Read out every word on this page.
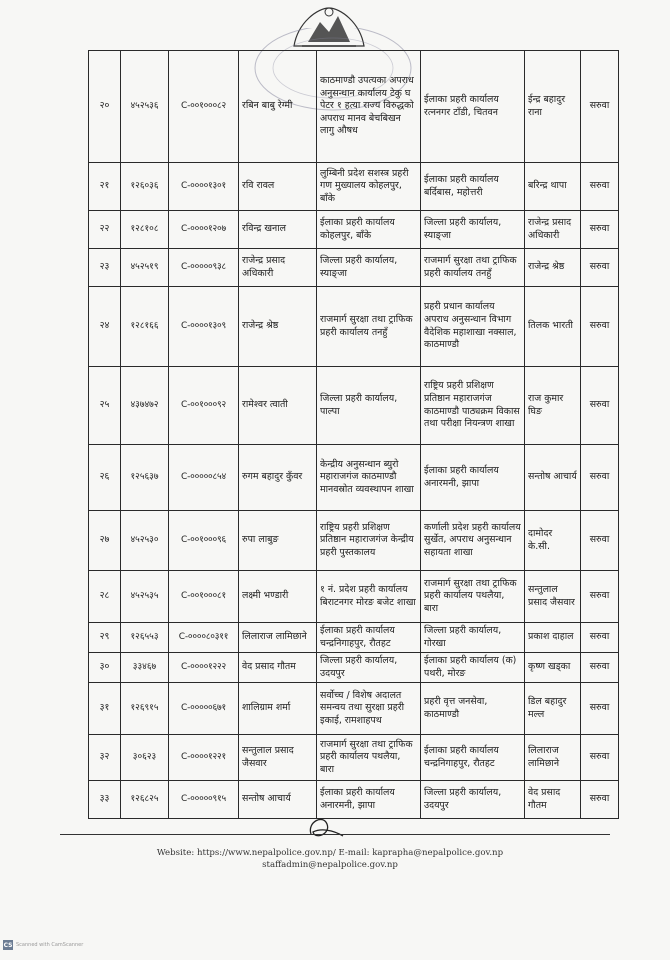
२०	४५२५३६	C-००१०००८२	रबिन बाबु रेग्मी	काठमाण्डौ उपत्यका अपराध अनुसन्धान कार्यालय टेकु घ पेटर १ हत्या राज्य विरुद्धको अपराध मानव बेचबिखन लागु औषध	ईलाका प्रहरी कार्यालय रत्ननगर टाँडी, चितवन	ईन्द्र बहादुर राना	सरुवा
२१	१२६०३६	C-००००१३०१	रवि रावल	लुम्बिनी प्रदेश सशस्त्र प्रहरी गण मुख्यालय कोहलपुर, बाँके	ईलाका प्रहरी कार्यालय बर्दिबास, महोत्तरी	बरिन्द्र थापा	सरुवा
२२	१२८१०८	C-००००१२०७	रविन्द्र खनाल	ईलाका प्रहरी कार्यालय कोहलपुर, बाँके	जिल्ला प्रहरी कार्यालय, स्याङ्जा	राजेन्द्र प्रसाद अधिकारी	सरुवा
२३	४५२५१९	C-०००००९३८	राजेन्द्र प्रसाद अधिकारी	जिल्ला प्रहरी कार्यालय, स्याङ्जा	राजमार्ग सुरक्षा तथा ट्राफिक प्रहरी कार्यालय तनहुँ	राजेन्द्र श्रेष्ठ	सरुवा
२४	१२८१६६	C-००००१३०९	राजेन्द्र श्रेष्ठ	राजमार्ग सुरक्षा तथा ट्राफिक प्रहरी कार्यालय तनहुँ	प्रहरी प्रधान कार्यालय अपराध अनुसन्धान विभाग वैदेशिक महाशाखा नक्साल, काठमाण्डौ	तिलक भारती	सरुवा
२५	४३७४७२	C-००१०००९२	रामेश्वर त्वाती	जिल्ला प्रहरी कार्यालय, पाल्पा	राष्ट्रिय प्रहरी प्रशिक्षण प्रतिष्ठान महाराजगंज काठमाण्डौ पाठ्यक्रम विकास तथा परीक्षा नियन्त्रण शाखा	राज कुमार घिङ	सरुवा
२६	१२५६३७	C-०००००८५४	रुगम बहादुर कुँवर	केन्द्रीय अनुसन्धान ब्युरो महाराजगंज काठमाण्डौ मानवस्रोत व्यवस्थापन शाखा	ईलाका प्रहरी कार्यालय अनारमनी, झापा	सन्तोष आचार्य	सरुवा
२७	४५२५३०	C-००१०००९६	रुपा लाबुङ	राष्ट्रिय प्रहरी प्रशिक्षण प्रतिष्ठान महाराजगंज केन्द्रीय प्रहरी पुस्तकालय	कर्णाली प्रदेश प्रहरी कार्यालय सुर्खेत, अपराध अनुसन्धान सहायता शाखा	दामोदर के.सी.	सरुवा
२८	४५२५३५	C-००१०००८१	लक्ष्मी भण्डारी	१ नं. प्रदेश प्रहरी कार्यालय बिराटनगर मोरङ बजेट शाखा	राजमार्ग सुरक्षा तथा ट्राफिक प्रहरी कार्यालय पथलैया, बारा	सन्तुलाल प्रसाद जैसवार	सरुवा
२९	१२६५५३	C-००००८०३११	लिलाराज लामिछाने	ईलाका प्रहरी कार्यालय चन्द्रनिगाहपुर, रौतहट	जिल्ला प्रहरी कार्यालय, गोरखा	प्रकाश दाहाल	सरुवा
३०	३३४६७	C-००००१२२२	वेद प्रसाद गौतम	जिल्ला प्रहरी कार्यालय, उदयपुर	ईलाका प्रहरी कार्यालय (क) पथरी, मोरङ	कृष्ण खड्का	सरुवा
३१	१२६९१५	C-०००००६७१	शालिग्राम शर्मा	सर्वोच्च / विशेष अदालत समन्वय तथा सुरक्षा प्रहरी इकाई, रामशाहपथ	प्रहरी वृत्त जनसेवा, काठमाण्डौ	डिल बहादुर मल्ल	सरुवा
३२	३०६२३	C-००००१२२१	सन्तुलाल प्रसाद जैसवार	राजमार्ग सुरक्षा तथा ट्राफिक प्रहरी कार्यालय पथलैया, बारा	ईलाका प्रहरी कार्यालय चन्द्रनिगाहपुर, रौतहट	लिलाराज लामिछाने	सरुवा
३३	१२६८२५	C-०००००९१५	सन्तोष आचार्य	ईलाका प्रहरी कार्यालय अनारमनी, झापा	जिल्ला प्रहरी कार्यालय, उदयपुर	वेद प्रसाद गौतम	सरुवा
Website: https://www.nepalpolice.gov.np/ E-mail: kaprapha@nepalpolice.gov.np
staffadmin@nepalpolice.gov.np
CS Scanned with CamScanner
